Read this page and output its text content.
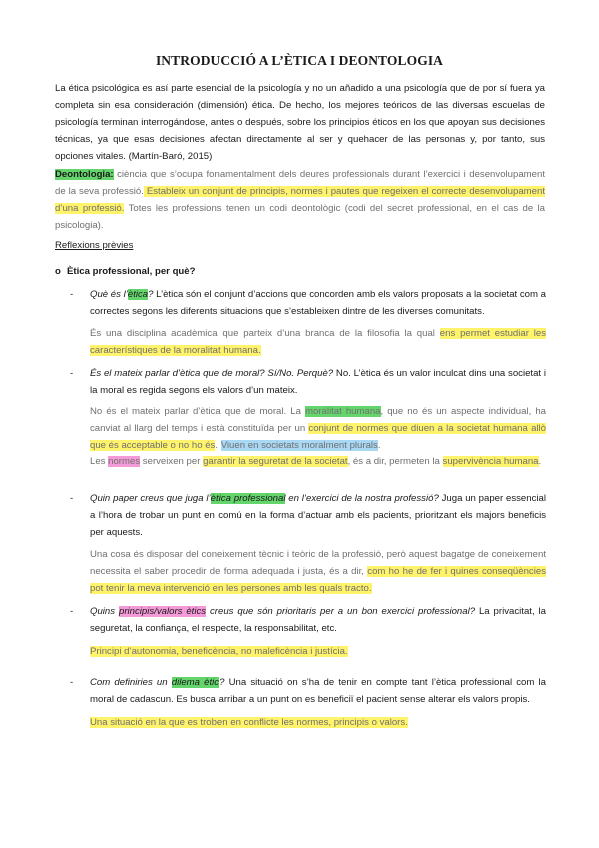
INTRODUCCIÓ A L’ÈTICA I DEONTOLOGIA
La ética psicológica es así parte esencial de la psicología y no un añadido a una psicología que de por sí fuera ya completa sin esa consideración (dimensión) ética. De hecho, los mejores teóricos de las diversas escuelas de psicología terminan interrogándose, antes o después, sobre los principios éticos en los que apoyan sus decisiones técnicas, ya que esas decisiones afectan directamente al ser y quehacer de las personas y, por tanto, sus opciones vitales. (Martín-Baró, 2015)
Deontologia: ciència que s’ocupa fonamentalment dels deures professionals durant l’exercici i desenvolupament de la seva professió. Estableix un conjunt de principis, normes i pautes que regeixen el correcte desenvolupament d’una professió. Totes les professions tenen un codi deontològic (codi del secret professional, en el cas de la psicologia).
Reflexions prèvies
o Ètica professional, per què?
- Què és l’ètica? L’ètica són el conjunt d’accions que concorden amb els valors proposats a la societat com a correctes segons les diferents situacions que s’estableixen dintre de les diverses comunitats.
És una disciplina acadèmica que parteix d’una branca de la filosofia la qual ens permet estudiar les característiques de la moralitat humana.
- És el mateix parlar d’ètica que de moral? Sí/No. Perquè? No. L’ètica és un valor inculcat dins una societat i la moral es regida segons els valors d’un mateix.
No és el mateix parlar d’ètica que de moral. La moralitat humana, que no és un aspecte individual, ha canviat al llarg del temps i està constituïda per un conjunt de normes que diuen a la societat humana allò que és acceptable o no ho és. Viuen en societats moralment plurals.
Les normes serveixen per garantir la seguretat de la societat, és a dir, permeten la supervivència humana.
- Quin paper creus que juga l’ètica professional en l’exercici de la nostra professió? Juga un paper essencial a l’hora de trobar un punt en comú en la forma d’actuar amb els pacients, prioritzant els majors beneficis per aquests.
Una cosa és disposar del coneixement tècnic i teòric de la professió, però aquest bagatge de coneixement necessita el saber procedir de forma adequada i justa, és a dir, com ho he de fer i quines conseqüències pot tenir la meva intervenció en les persones amb les quals tracto.
- Quins principis/valors ètics creus que són prioritaris per a un bon exercici professional? La privacitat, la seguretat, la confiança, el respecte, la responsabilitat, etc.
Principi d’autonomia, beneficència, no maleficència i justícia.
- Com definiries un dilema ètic? Una situació on s’ha de tenir en compte tant l’ètica professional com la moral de cadascun. Es busca arribar a un punt on es beneficiï el pacient sense alterar els valors propis.
Una situació en la que es troben en conflicte les normes, principis o valors.
